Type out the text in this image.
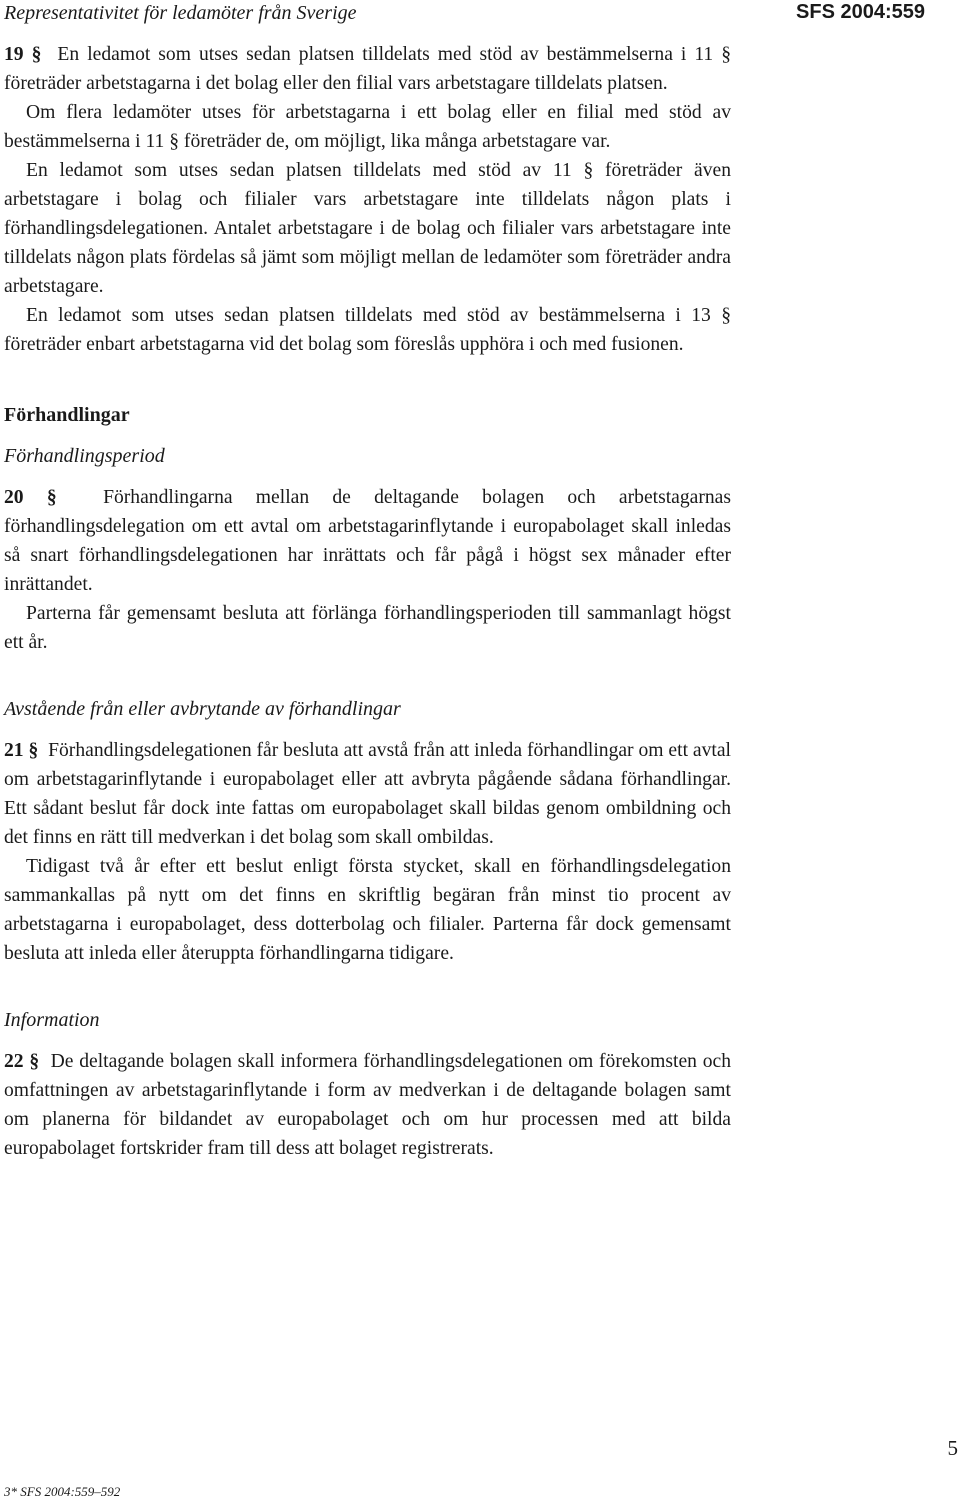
Representativitet för ledamöter från Sverige	SFS 2004:559

19 § En ledamot som utses sedan platsen tilldelats med stöd av bestämmelserna i 11 § företräder arbetstagarna i det bolag eller den filial vars arbetstagare tilldelats platsen.

Om flera ledamöter utses för arbetstagarna i ett bolag eller en filial med stöd av bestämmelserna i 11 § företräder de, om möjligt, lika många arbetstagare var.

En ledamot som utses sedan platsen tilldelats med stöd av 11 § företräder även arbetstagare i bolag och filialer vars arbetstagare inte tilldelats någon plats i förhandlingsdelegationen. Antalet arbetstagare i de bolag och filialer vars arbetstagare inte tilldelats någon plats fördelas så jämt som möjligt mellan de ledamöter som företräder andra arbetstagare.

En ledamot som utses sedan platsen tilldelats med stöd av bestämmelserna i 13 § företräder enbart arbetstagarna vid det bolag som föreslås upphöra i och med fusionen.

Förhandlingar

Förhandlingsperiod

20 § Förhandlingarna mellan de deltagande bolagen och arbetstagarnas förhandlingsdelegation om ett avtal om arbetstagarinflytande i europabolaget skall inledas så snart förhandlingsdelegationen har inrättats och får pågå i högst sex månader efter inrättandet.

Parterna får gemensamt besluta att förlänga förhandlingsperioden till sammanlagt högst ett år.

Avstående från eller avbrytande av förhandlingar

21 § Förhandlingsdelegationen får besluta att avstå från att inleda förhandlingar om ett avtal om arbetstagarinflytande i europabolaget eller att avbryta pågående sådana förhandlingar. Ett sådant beslut får dock inte fattas om europabolaget skall bildas genom ombildning och det finns en rätt till medverkan i det bolag som skall ombildas.

Tidigast två år efter ett beslut enligt första stycket, skall en förhandlingsdelegation sammankallas på nytt om det finns en skriftlig begäran från minst tio procent av arbetstagarna i europabolaget, dess dotterbolag och filialer. Parterna får dock gemensamt besluta att inleda eller återuppta förhandlingarna tidigare.

Information

22 § De deltagande bolagen skall informera förhandlingsdelegationen om förekomsten och omfattningen av arbetstagarinflytande i form av medverkan i de deltagande bolagen samt om planerna för bildandet av europabolaget och om hur processen med att bilda europabolaget fortskrider fram till dess att bolaget registrerats.

5
3* SFS 2004:559–592
